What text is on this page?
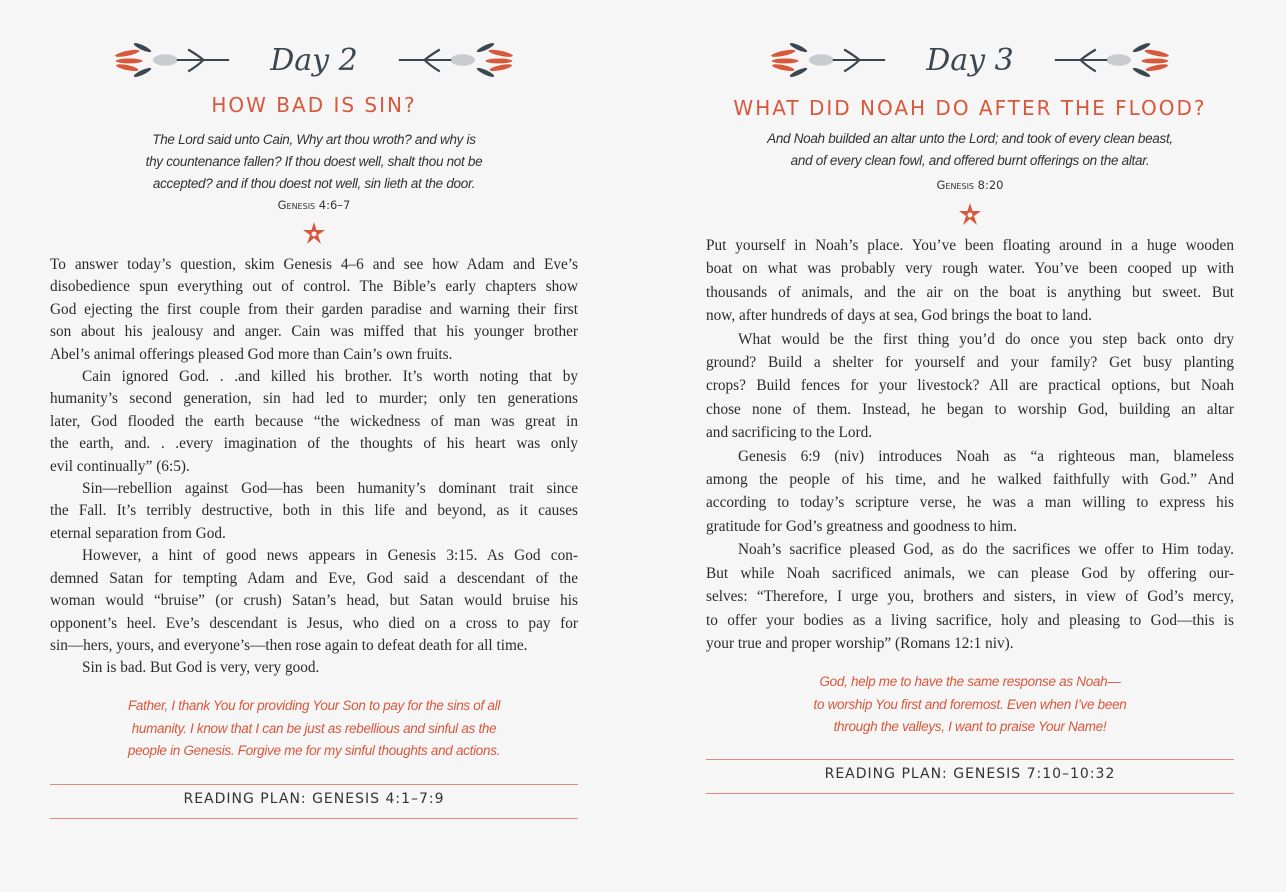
Day 2
HOW BAD IS SIN?
The Lord said unto Cain, Why art thou wroth? and why is
thy countenance fallen? If thou doest well, shalt thou not be
accepted? and if thou doest not well, sin lieth at the door.
Genesis 4:6–7
To answer today’s question, skim Genesis 4–6 and see how Adam and Eve’s
disobedience spun everything out of control. The Bible’s early chapters show
God ejecting the first couple from their garden paradise and warning their first
son about his jealousy and anger. Cain was miffed that his younger brother
Abel’s animal offerings pleased God more than Cain’s own fruits.
Cain ignored God. . .and killed his brother. It’s worth noting that by
humanity’s second generation, sin had led to murder; only ten generations
later, God flooded the earth because “the wickedness of man was great in
the earth, and. . .every imagination of the thoughts of his heart was only
evil continually” (6:5).
Sin—rebellion against God—has been humanity’s dominant trait since
the Fall. It’s terribly destructive, both in this life and beyond, as it causes
eternal separation from God.
However, a hint of good news appears in Genesis 3:15. As God con-
demned Satan for tempting Adam and Eve, God said a descendant of the
woman would “bruise” (or crush) Satan’s head, but Satan would bruise his
opponent’s heel. Eve’s descendant is Jesus, who died on a cross to pay for
sin—hers, yours, and everyone’s—then rose again to defeat death for all time.
Sin is bad. But God is very, very good.
Father, I thank You for providing Your Son to pay for the sins of all
humanity. I know that I can be just as rebellious and sinful as the
people in Genesis. Forgive me for my sinful thoughts and actions.
READING PLAN: GENESIS 4:1–7:9
Day 3
WHAT DID NOAH DO AFTER THE FLOOD?
And Noah builded an altar unto the Lord; and took of every clean beast,
and of every clean fowl, and offered burnt offerings on the altar.
Genesis 8:20
Put yourself in Noah’s place. You’ve been floating around in a huge wooden
boat on what was probably very rough water. You’ve been cooped up with
thousands of animals, and the air on the boat is anything but sweet. But
now, after hundreds of days at sea, God brings the boat to land.
What would be the first thing you’d do once you step back onto dry
ground? Build a shelter for yourself and your family? Get busy planting
crops? Build fences for your livestock? All are practical options, but Noah
chose none of them. Instead, he began to worship God, building an altar
and sacrificing to the Lord.
Genesis 6:9 (niv) introduces Noah as “a righteous man, blameless
among the people of his time, and he walked faithfully with God.” And
according to today’s scripture verse, he was a man willing to express his
gratitude for God’s greatness and goodness to him.
Noah’s sacrifice pleased God, as do the sacrifices we offer to Him today.
But while Noah sacrificed animals, we can please God by offering our-
selves: “Therefore, I urge you, brothers and sisters, in view of God’s mercy,
to offer your bodies as a living sacrifice, holy and pleasing to God—this is
your true and proper worship” (Romans 12:1 niv).
God, help me to have the same response as Noah—
to worship You first and foremost. Even when I’ve been
through the valleys, I want to praise Your Name!
READING PLAN: GENESIS 7:10–10:32
